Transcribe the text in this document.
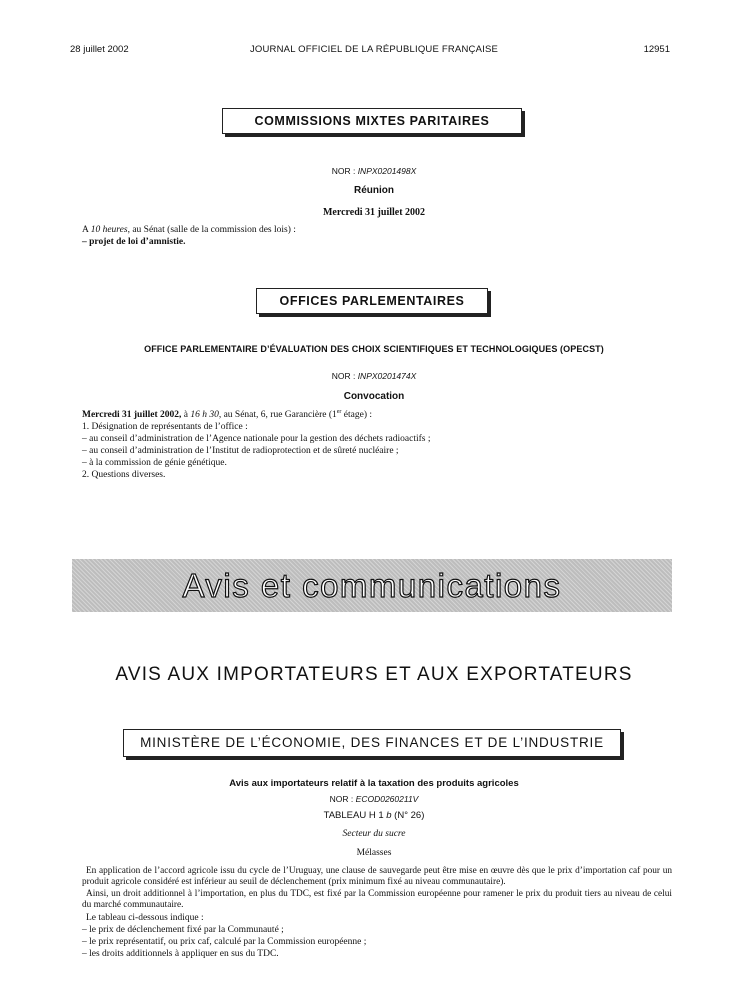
28 juillet 2002	JOURNAL OFFICIEL DE LA RÉPUBLIQUE FRANÇAISE	12951
COMMISSIONS MIXTES PARITAIRES
NOR : INPX0201498X
Réunion
Mercredi 31 juillet 2002
A 10 heures, au Sénat (salle de la commission des lois) :
– projet de loi d’amnistie.
OFFICES PARLEMENTAIRES
OFFICE PARLEMENTAIRE D’ÉVALUATION DES CHOIX SCIENTIFIQUES ET TECHNOLOGIQUES (OPECST)
NOR : INPX0201474X
Convocation
Mercredi 31 juillet 2002, à 16 h 30, au Sénat, 6, rue Garancière (1er étage) :
1. Désignation de représentants de l’office :
– au conseil d’administration de l’Agence nationale pour la gestion des déchets radioactifs ;
– au conseil d’administration de l’Institut de radioprotection et de sûreté nucléaire ;
– à la commission de génie génétique.
2. Questions diverses.
Avis et communications
AVIS AUX IMPORTATEURS ET AUX EXPORTATEURS
MINISTÈRE DE L’ÉCONOMIE, DES FINANCES ET DE L’INDUSTRIE
Avis aux importateurs relatif à la taxation des produits agricoles
NOR : ECOD0260211V
TABLEAU H 1 b (N° 26)
Secteur du sucre
Mélasses
En application de l’accord agricole issu du cycle de l’Uruguay, une clause de sauvegarde peut être mise en œuvre dès que le prix d’importation caf pour un produit agricole considéré est inférieur au seuil de déclenchement (prix minimum fixé au niveau communautaire).
Ainsi, un droit additionnel à l’importation, en plus du TDC, est fixé par la Commission européenne pour ramener le prix du produit tiers au niveau de celui du marché communautaire.
Le tableau ci-dessous indique :
– le prix de déclenchement fixé par la Communauté ;
– le prix représentatif, ou prix caf, calculé par la Commission européenne ;
– les droits additionnels à appliquer en sus du TDC.
